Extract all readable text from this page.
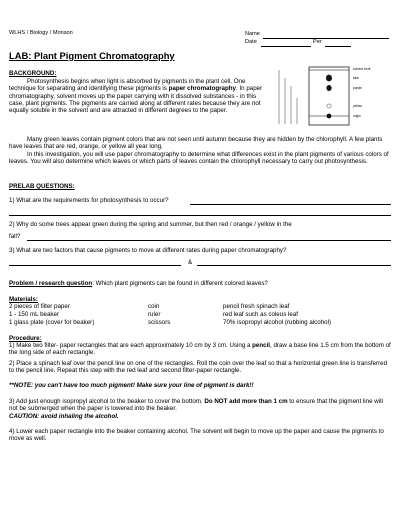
WLHS / Biology / Monson	Name
Date	Per
LAB: Plant Pigment Chromatography
BACKGROUND:
Photosynthesis begins when light is absorbed by pigments in the plant cell. One technique for separating and identifying these pigments is paper chromatography. In paper chromatography, solvent moves up the paper carrying with it dissolved substances - in this case, plant pigments. The pigments are carried along at different rates because they are not equally soluble in the solvent and are attracted in different degrees to the paper.
solvent front
blue
purple
yellow
origin
Many green leaves contain pigment colors that are not seen until autumn because they are hidden by the chlorophyll. A few plants have leaves that are red, orange, or yellow all year long.
In this investigation, you will use paper chromatography to determine what differences exist in the plant pigments of various colors of leaves. You will also determine which leaves or which parts of leaves contain the chlorophyll necessary to carry out photosynthesis.
PRELAB QUESTIONS:
1) What are the requirements for photosynthesis to occur?
2) Why do some trees appear green during the spring and summer, but then red / orange / yellow in the
fall?
3) What are two factors that cause pigments to move at different rates during paper chromatography?
&
Problem / research question: Which plant pigments can be found in different colored leaves?
Materials:
2 pieces of filter paper	coin	pencil fresh spinach leaf
1 - 150 mL beaker	ruler	red leaf such as coleus leaf
1 glass plate (cover for beaker)	scissors	70% isopropyl alcohol (rubbing alcohol)
Procedure:
1) Make two filter- paper rectangles that are each approximately 10 cm by 3 cm. Using a pencil, draw a base line 1.5 cm from the bottom of the long side of each rectangle.
2) Place a spinach leaf over the pencil line on one of the rectangles. Roll the coin over the leaf so that a horizontal green line is transferred to the pencil line. Repeat this step with the red leaf and second filter-paper rectangle.
**NOTE: you can't have too much pigment! Make sure your line of pigment is dark!!
3) Add just enough isopropyl alcohol to the beaker to cover the bottom. Do NOT add more than 1 cm to ensure that the pigment line will not be submerged when the paper is lowered into the beaker.
CAUTION: avoid inhaling the alcohol.
4) Lower each paper rectangle into the beaker containing alcohol. The solvent will begin to move up the paper and cause the pigments to move as well.
